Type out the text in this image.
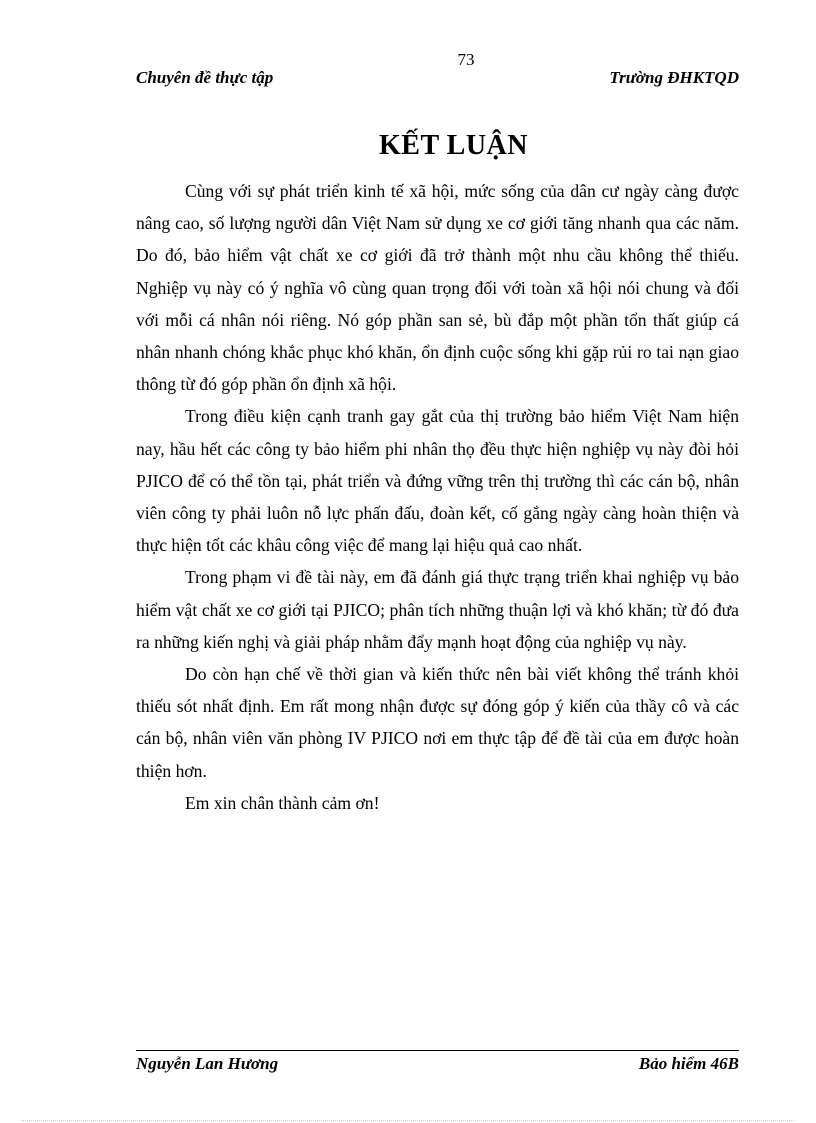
73
Chuyên đề thực tập	Trường ĐHKTQD
KẾT LUẬN

Cùng với sự phát triển kinh tế xã hội, mức sống của dân cư ngày càng được nâng cao, số lượng người dân Việt Nam sử dụng xe cơ giới tăng nhanh qua các năm. Do đó, bảo hiểm vật chất xe cơ giới đã trở thành một nhu cầu không thể thiếu. Nghiệp vụ này có ý nghĩa vô cùng quan trọng đối với toàn xã hội nói chung và đối với mỗi cá nhân nói riêng. Nó góp phần san sẻ, bù đắp một phần tổn thất giúp cá nhân nhanh chóng khắc phục khó khăn, ổn định cuộc sống khi gặp rủi ro tai nạn giao thông từ đó góp phần ổn định xã hội.

Trong điều kiện cạnh tranh gay gắt của thị trường bảo hiểm Việt Nam hiện nay, hầu hết các công ty bảo hiểm phi nhân thọ đều thực hiện nghiệp vụ này đòi hỏi PJICO để có thể tồn tại, phát triển và đứng vững trên thị trường thì các cán bộ, nhân viên công ty phải luôn nỗ lực phấn đấu, đoàn kết, cố gắng ngày càng hoàn thiện và thực hiện tốt các khâu công việc để mang lại hiệu quả cao nhất.

Trong phạm vi đề tài này, em đã đánh giá thực trạng triển khai nghiệp vụ bảo hiểm vật chất xe cơ giới tại PJICO; phân tích những thuận lợi và khó khăn; từ đó đưa ra những kiến nghị và giải pháp nhằm đẩy mạnh hoạt động của nghiệp vụ này.

Do còn hạn chế về thời gian và kiến thức nên bài viết không thể tránh khỏi thiếu sót nhất định. Em rất mong nhận được sự đóng góp ý kiến của thầy cô và các cán bộ, nhân viên văn phòng IV PJICO nơi em thực tập để đề tài của em được hoàn thiện hơn.

Em xin chân thành cảm ơn!

Nguyễn Lan Hương	Bảo hiểm 46B
